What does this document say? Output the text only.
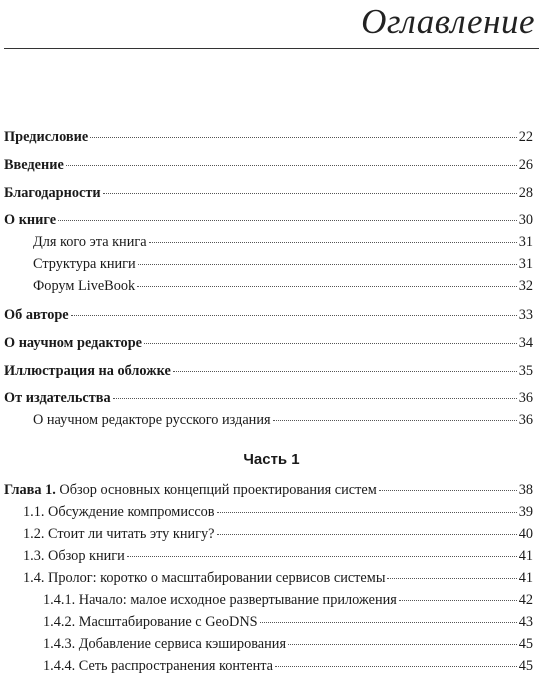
Оглавление
Предисловие	22
Введение	26
Благодарности	28
О книге	30
Для кого эта книга	31
Структура книги	31
Форум LiveBook	32
Об авторе	33
О научном редакторе	34
Иллюстрация на обложке	35
От издательства	36
О научном редакторе русского издания	36
Часть 1
Глава 1. Обзор основных концепций проектирования систем	38
1.1. Обсуждение компромиссов	39
1.2. Стоит ли читать эту книгу?	40
1.3. Обзор книги	41
1.4. Пролог: коротко о масштабировании сервисов системы	41
1.4.1. Начало: малое исходное развертывание приложения	42
1.4.2. Масштабирование с GeoDNS	43
1.4.3. Добавление сервиса кэширования	45
1.4.4. Сеть распространения контента	45
